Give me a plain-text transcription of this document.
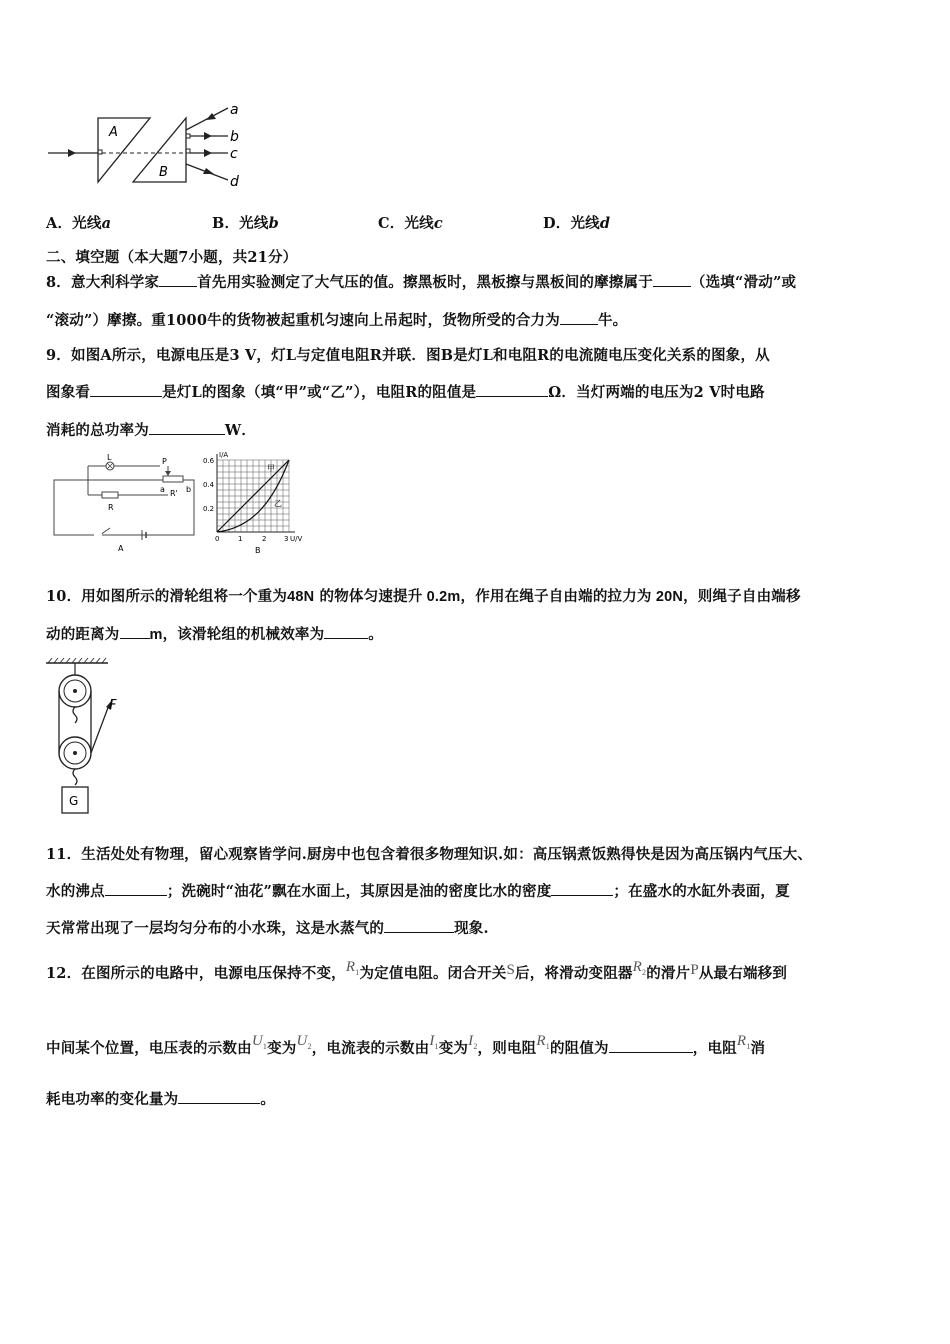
A
B
a
b
c
d
A．光线a	B．光线b	C．光线c	D．光线d
二、填空题（本大题7小题，共21分）
8．意大利科学家	首先用实验测定了大气压的值。擦黑板时，黑板擦与黑板间的摩擦属于	（选填“滑动”或
“滚动”）摩擦。重1000牛的货物被起重机匀速向上吊起时，货物所受的合力为	牛。
9．如图A所示，电源电压是3 V，灯L与定值电阻R并联．图B是灯L和电阻R的电流随电压变化关系的图象，从
图象看	是灯L的图象（填“甲”或“乙”），电阻R的阻值是	Ω．当灯两端的电压为2 V时电路
消耗的总功率为	W．
L
R
P
a R' b
A
I/A
U/V
0.6
0.4
0.2
0	1	2	3
甲
乙
B
10．用如图所示的滑轮组将一个重为48N 的物体匀速提升 0.2m，作用在绳子自由端的拉力为 20N，则绳子自由端移
动的距离为 m，该滑轮组的机械效率为	。
F
G
11．生活处处有物理，留心观察皆学问.厨房中也包含着很多物理知识.如：高压锅煮饭熟得快是因为高压锅内气压大、
水的沸点	；洗碗时“油花”飘在水面上，其原因是油的密度比水的密度	；在盛水的水缸外表面，夏
天常常出现了一层均匀分布的小水珠，这是水蒸气的	现象.
12．在图所示的电路中，电源电压保持不变，$R_1$为定值电阻。闭合开关S后，将滑动变阻器$R_2$的滑片P从最右端移到
中间某个位置，电压表的示数由$U_1$变为$U_2$，电流表的示数由$I_1$变为$I_2$，则电阻$R_1$的阻值为	，电阻$R_1$消
耗电功率的变化量为	。
